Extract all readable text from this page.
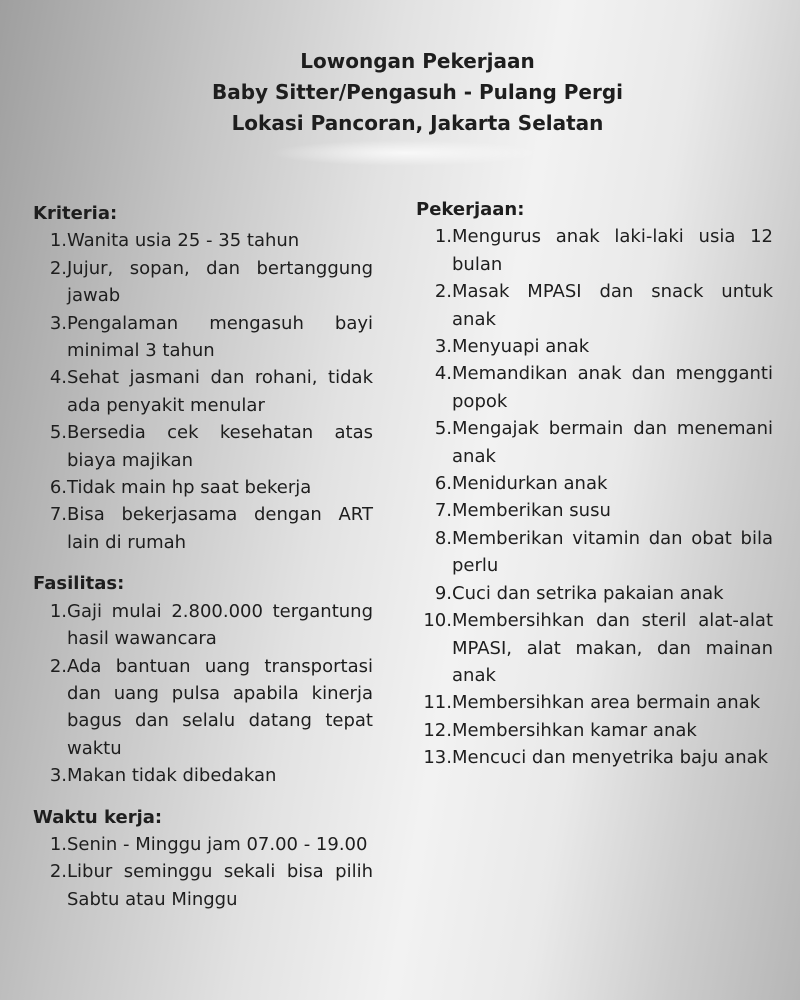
Lowongan Pekerjaan
Baby Sitter/Pengasuh - Pulang Pergi
Lokasi Pancoran, Jakarta Selatan
Kriteria:
1. Wanita usia 25 - 35 tahun
2. Jujur, sopan, dan bertanggung jawab
3. Pengalaman mengasuh bayi minimal 3 tahun
4. Sehat jasmani dan rohani, tidak ada penyakit menular
5. Bersedia cek kesehatan atas biaya majikan
6. Tidak main hp saat bekerja
7. Bisa bekerjasama dengan ART lain di rumah
Fasilitas:
1. Gaji mulai 2.800.000 tergantung hasil wawancara
2. Ada bantuan uang transportasi dan uang pulsa apabila kinerja bagus dan selalu datang tepat waktu
3. Makan tidak dibedakan
Waktu kerja:
1. Senin - Minggu jam 07.00 - 19.00
2. Libur seminggu sekali bisa pilih Sabtu atau Minggu
Pekerjaan:
1. Mengurus anak laki-laki usia 12 bulan
2. Masak MPASI dan snack untuk anak
3. Menyuapi anak
4. Memandikan anak dan mengganti popok
5. Mengajak bermain dan menemani anak
6. Menidurkan anak
7. Memberikan susu
8. Memberikan vitamin dan obat bila perlu
9. Cuci dan setrika pakaian anak
10. Membersihkan dan steril alat-alat MPASI, alat makan, dan mainan anak
11. Membersihkan area bermain anak
12. Membersihkan kamar anak
13. Mencuci dan menyetrika baju anak
